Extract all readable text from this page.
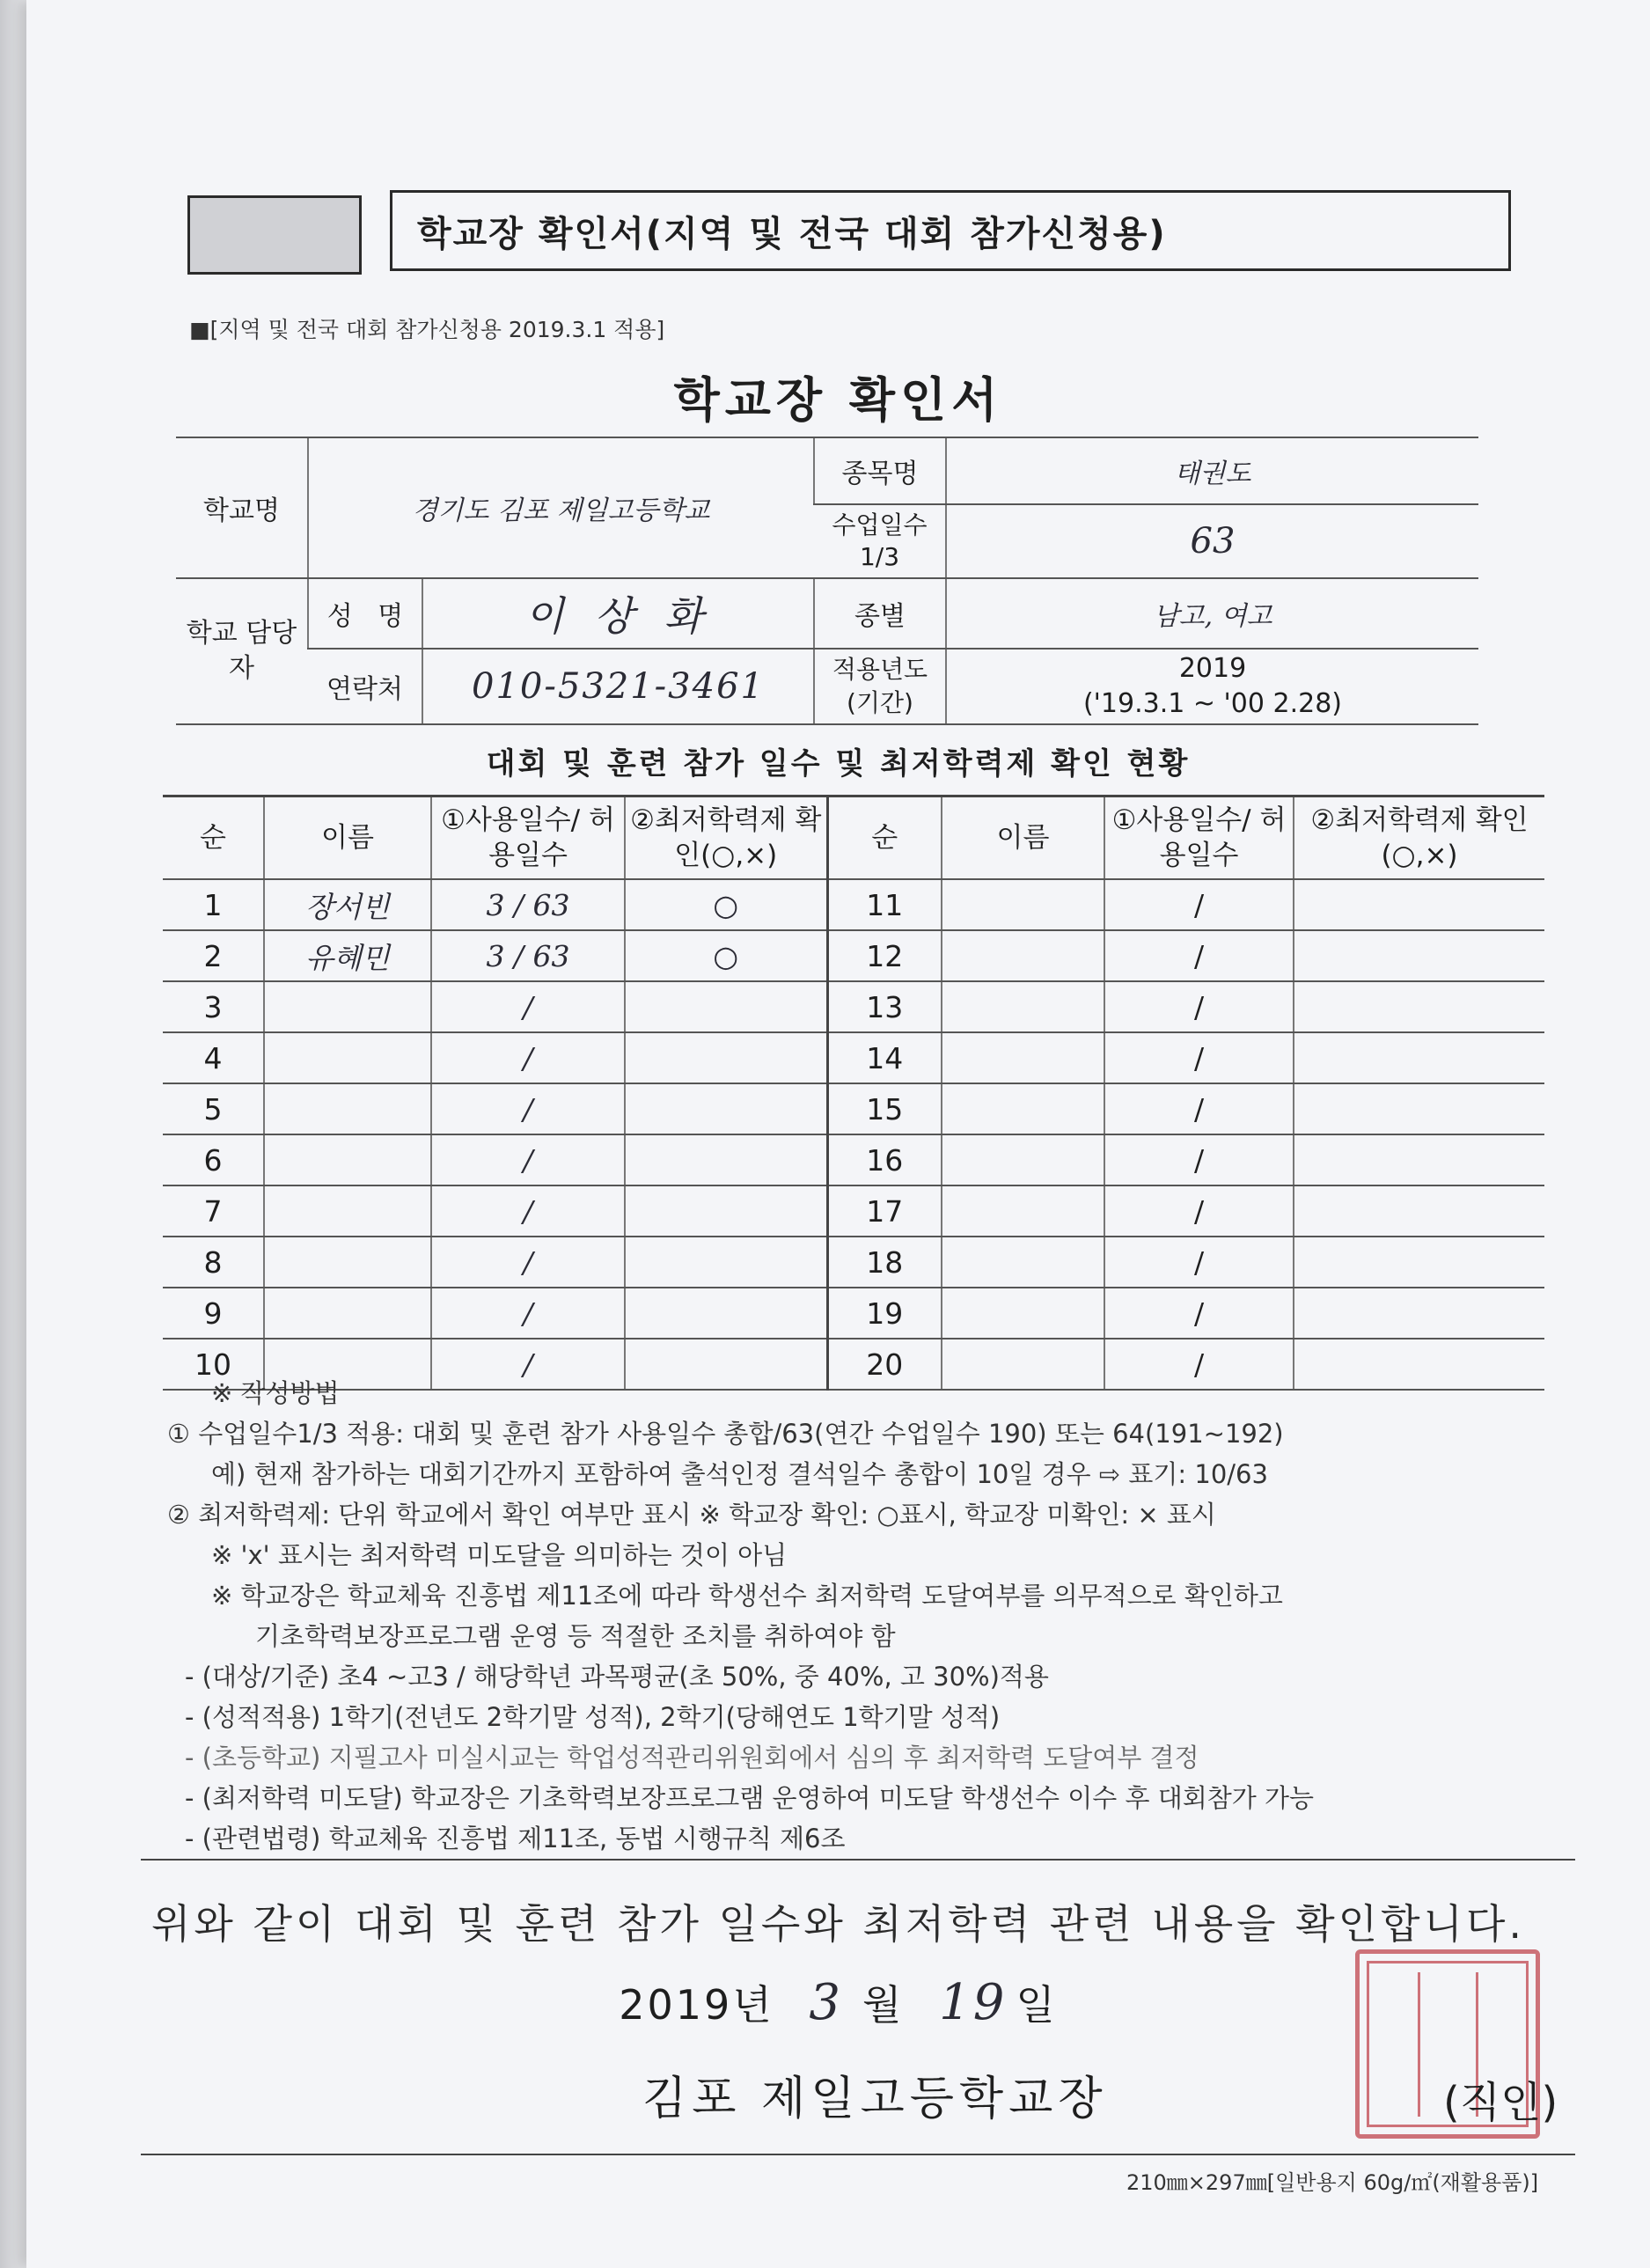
학교장 확인서(지역 및 전국 대회 참가신청용)
■[지역 및 전국 대회 참가신청용 2019.3.1 적용]
학교장 확인서
학교명	경기도 김포 제일고등학교		종목명	태권도
			수업일수 1/3	63
학교 담당자	성   명	이 상 화	종별	남고, 여고
	연락처	010-5321-3461	적용년도 (기간)	2019
('19.3.1 ~ '00 2.28)
대회 및 훈련 참가 일수 및 최저학력제 확인 현황
순	이름	①사용일수/ 허용일수	②최저학력제 확인(○,×)	순	이름	①사용일수/ 허용일수	②최저학력제 확인(○,×)
1	장서빈	3 / 63	○	11		/	
2	유혜민	3 / 63	○	12		/	
3		/		13		/	
4		/		14		/	
5		/		15		/	
6		/		16		/	
7		/		17		/	
8		/		18		/	
9		/		19		/	
10		/		20		/	
※ 작성방법
① 수업일수1/3 적용: 대회 및 훈련 참가 사용일수 총합/63(연간 수업일수 190) 또는 64(191~192)
예) 현재 참가하는 대회기간까지 포함하여 출석인정 결석일수 총합이 10일 경우 ⇨ 표기: 10/63
② 최저학력제: 단위 학교에서 확인 여부만 표시 ※ 학교장 확인: ○표시, 학교장 미확인: × 표시
※ 'x' 표시는 최저학력 미도달을 의미하는 것이 아님
※ 학교장은 학교체육 진흥법 제11조에 따라 학생선수 최저학력 도달여부를 의무적으로 확인하고
기초학력보장프로그램 운영 등 적절한 조치를 취하여야 함
- (대상/기준) 초4 ~고3 / 해당학년 과목평균(초 50%, 중 40%, 고 30%)적용
- (성적적용) 1학기(전년도 2학기말 성적), 2학기(당해연도 1학기말 성적)
- (초등학교) 지필고사 미실시교는 학업성적관리위원회에서 심의 후 최저학력 도달여부 결정
- (최저학력 미도달) 학교장은 기초학력보장프로그램 운영하여 미도달 학생선수 이수 후 대회참가 가능
- (관련법령) 학교체육 진흥법 제11조, 동법 시행규칙 제6조
위와 같이 대회 및 훈련 참가 일수와 최저학력 관련 내용을 확인합니다.
2019년 3 월 19 일
김포 제일고등학교장	(직인)
210㎜×297㎜[일반용지 60g/㎡(재활용품)]
